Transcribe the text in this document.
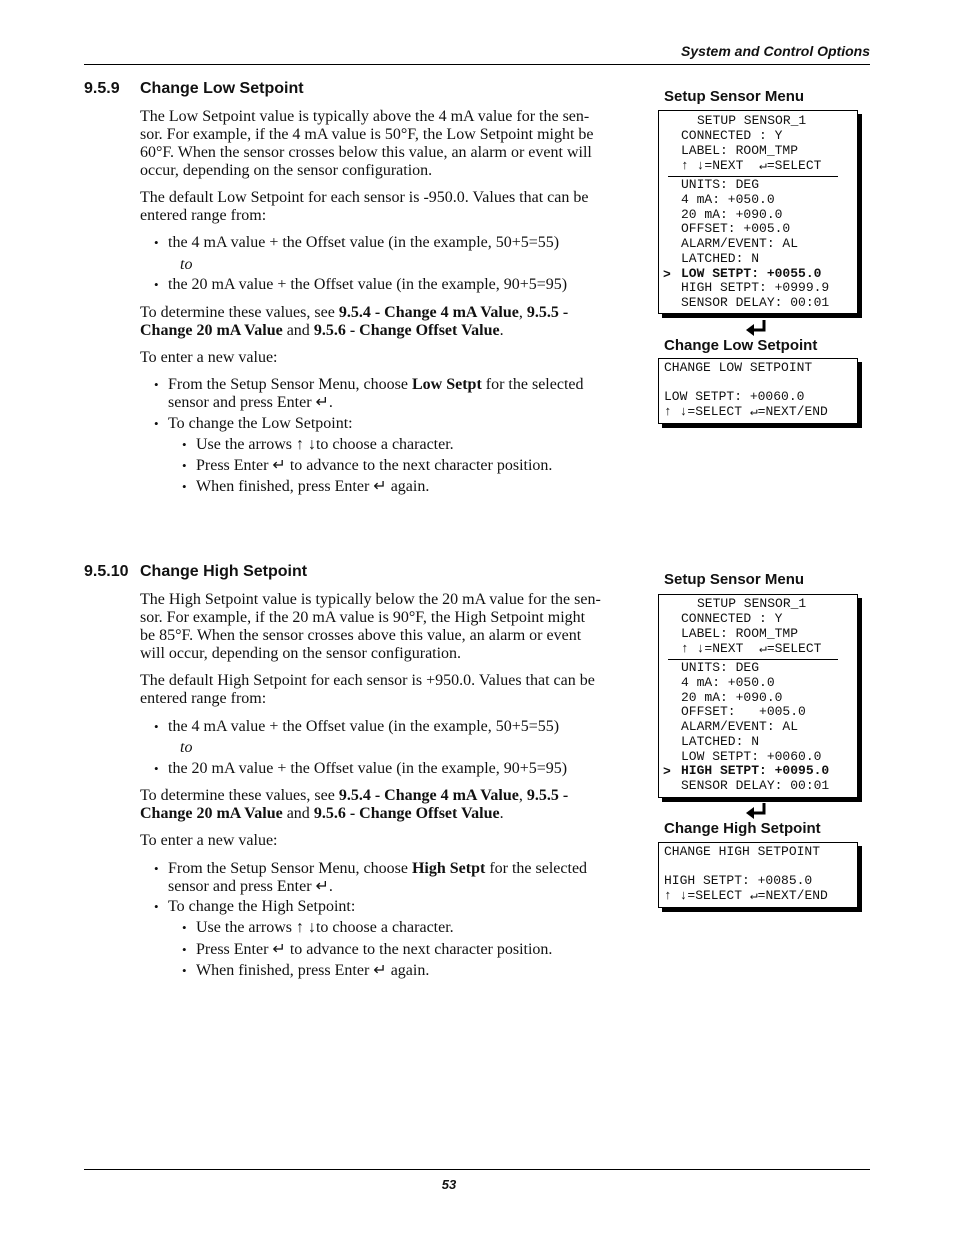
System and Control Options
53
9.5.9 Change Low Setpoint
The Low Setpoint value is typically above the 4 mA value for the sen-
sor. For example, if the 4 mA value is 50°F, the Low Setpoint might be
60°F. When the sensor crosses below this value, an alarm or event will
occur, depending on the sensor configuration.
The default Low Setpoint for each sensor is -950.0. Values that can be
entered range from:
• the 4 mA value + the Offset value (in the example, 50+5=55)
to
• the 20 mA value + the Offset value (in the example, 90+5=95)
To determine these values, see 9.5.4 - Change 4 mA Value, 9.5.5 -
Change 20 mA Value and 9.5.6 - Change Offset Value.
To enter a new value:
• From the Setup Sensor Menu, choose Low Setpt for the selected
sensor and press Enter ↵.
• To change the Low Setpoint:
• Use the arrows ↑ ↓to choose a character.
• Press Enter ↵ to advance to the next character position.
• When finished, press Enter ↵ again.
Setup Sensor Menu
SETUP SENSOR_1
CONNECTED : Y
LABEL: ROOM_TMP
↑ ↓=NEXT  ↵=SELECT
UNITS: DEG
4 mA: +050.0
20 mA: +090.0
OFFSET: +005.0
ALARM/EVENT: AL
LATCHED: N
> LOW SETPT: +0055.0
HIGH SETPT: +0999.9
SENSOR DELAY: 00:01
Change Low Setpoint
CHANGE LOW SETPOINT
LOW SETPT: +0060.0
↑ ↓=SELECT ↵=NEXT/END
9.5.10 Change High Setpoint
The High Setpoint value is typically below the 20 mA value for the sen-
sor. For example, if the 20 mA value is 90°F, the High Setpoint might
be 85°F. When the sensor crosses above this value, an alarm or event
will occur, depending on the sensor configuration.
The default High Setpoint for each sensor is +950.0. Values that can be
entered range from:
• the 4 mA value + the Offset value (in the example, 50+5=55)
to
• the 20 mA value + the Offset value (in the example, 90+5=95)
To determine these values, see 9.5.4 - Change 4 mA Value, 9.5.5 -
Change 20 mA Value and 9.5.6 - Change Offset Value.
To enter a new value:
• From the Setup Sensor Menu, choose High Setpt for the selected
sensor and press Enter ↵.
• To change the High Setpoint:
• Use the arrows ↑ ↓to choose a character.
• Press Enter ↵ to advance to the next character position.
• When finished, press Enter ↵ again.
Setup Sensor Menu
SETUP SENSOR_1
CONNECTED : Y
LABEL: ROOM_TMP
↑ ↓=NEXT  ↵=SELECT
UNITS: DEG
4 mA: +050.0
20 mA: +090.0
OFFSET:   +005.0
ALARM/EVENT: AL
LATCHED: N
LOW SETPT: +0060.0
> HIGH SETPT: +0095.0
SENSOR DELAY: 00:01
Change High Setpoint
CHANGE HIGH SETPOINT
HIGH SETPT: +0085.0
↑ ↓=SELECT ↵=NEXT/END
